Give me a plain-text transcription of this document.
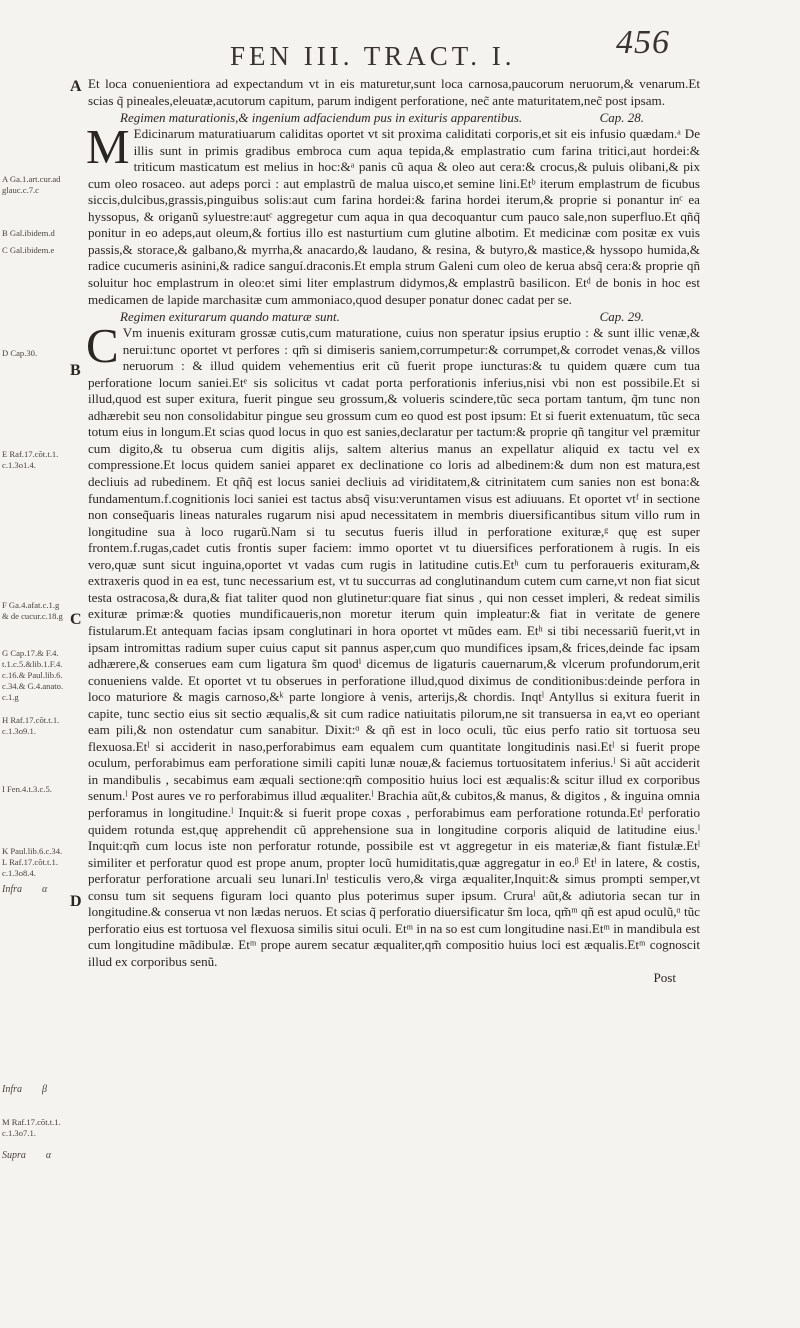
FEN III. TRACT. I.	456
A Ga.1.art.cur.ad
glauc.c.7.c
B Gal.ibidem.d
C Gal.ibidem.e
D Cap.30.
E Raf.17.cõt.t.1.
c.1.3o1.4.
F Ga.4.afat.c.1.g
& de cucur.c.18.g
G Cap.17.& F.4.
t.1.c.5.&lib.1.F.4.
c.16.& Paul.lib.6.
c.34.& G.4.anato.
c.1.g
H Raf.17.cõt.t.1.
c.1.3o9.1.
I Fen.4.t.3.c.5.
K Paul.lib.6.c.34.
L Raf.17.cõt.t.1.
c.1.3o8.4.
Infra α
Infra β
M Raf.17.cõt.t.1.
c.1.3o7.1.
Supra α
A
B
C
D

Et loca conuenientiora ad expectandum vt in eis maturetur,sunt loca carnosa,paucorum neruorum,& venarum.Et scias q̃ pineales,eleuatæ,acutorum capitum, parum indigent perforatione, nec̃ ante maturitatem,nec̃ post ipsam.

Regimen maturationis,& ingenium adfaciendum pus in exituris apparentibus.	Cap. 28.

M Edicinarum maturatiuarum caliditas oportet vt sit proxima caliditati corporis,et sit eis infusio quædam.ᵃ De illis sunt in primis gradibus embroca cum aqua tepida,& emplastratio cum farina tritici,aut hordei:& triticum masticatum est melius in hoc:&ᵃ panis cũ aqua & oleo aut cera:& crocus,& puluis olibani,& pix cum oleo rosaceo. aut adeps porci : aut emplastrũ de malua uisco,et semine lini.Etᵇ iterum emplastrum de ficubus siccis,dulcibus,grassis,pinguibus solis:aut cum farina hordei:& farina hordei iterum,& proprie si ponantur inᶜ ea hyssopus, & origanũ syluestre:autᶜ aggregetur cum aqua in qua decoquantur cum pauco sale,non superfluo.Et qñq̃ ponitur in eo adeps,aut oleum,& fortius illo est nasturtium cum glutine albotim. Et medicinæ com positæ ex vuis passis,& storace,& galbano,& myrrha,& anacardo,& laudano, & resina, & butyro,& mastice,& hyssopo humida,& radice cucumeris asinini,& radice sanguí.draconis.Et empla strum Galeni cum oleo de kerua absq̃ cera:& proprie qñ soluitur hoc emplastrum in oleo:et simi liter emplastrum didymos,& emplastrũ basilicon. Etᵈ de bonis in hoc est medicamen de lapide marchasitæ cum ammoniaco,quod desuper ponatur donec cadat per se.

Regimen exiturarum quando maturæ sunt.	Cap. 29.

C Vm inuenis exituram grossæ cutis,cum maturatione, cuius non speratur ipsius eruptio : & sunt illic venæ,& nerui:tunc oportet vt perfores : qm̃ si dimiseris saniem,corrumpetur:& corrumpet,& corrodet venas,& villos neruorum : & illud quidem vehementius erit cũ fuerit prope iuncturas:& tu quidem quære cum tua perforatione locum saniei.Etᵉ sis solicitus vt cadat porta perforationis inferius,nisi vbi non est possibile.Et si illud,quod est super exitura, fuerit pingue seu grossum,& volueris scindere,tũc seca portam tantum, q̃m tunc non adhærebit seu non consolidabitur pingue seu grossum cum eo quod est post ipsum: Et si fuerit extenuatum, tũc seca totum eius in longum.Et scias quod locus in quo est sanies,declaratur per tactum:& proprie qñ tangitur vel præmitur cum digito,& tu obserua cum digitis alijs, saltem alterius manus an expellatur aliquid ex tactu vel ex compressione.Et locus quidem saniei apparet ex declinatione co loris ad albedinem:& dum non est matura,est decliuis ad rubedinem. Et qñq̃ est locus saniei decliuis ad viriditatem,& citrinitatem cum sanies non est bona:& fundamentum.f.cognitionis loci saniei est tactus absq̃ visu:veruntamen visus est adiuuans. Et oportet vtᶠ in sectione non conseq̃uaris lineas naturales rugarum nisi apud necessitatem in membris diuersificantibus situm villo rum in longitudine sua à loco rugarũ.Nam si tu secutus fueris illud in perforatione exituræ,ᵍ quę est super frontem.f.rugas,cadet cutis frontis super faciem: immo oportet vt tu diuersifices perforationem à rugis. In eis vero,quæ sunt sicut inguina,oportet vt vadas cum rugis in latitudine cutis.Etʰ cum tu perforaueris exituram,& extraxeris quod in ea est, tunc necessarium est, vt tu succurras ad conglutinandum cutem cum carne,vt non fiat sicut testa ostracosa,& dura,& fiat taliter quod non glutinetur:quare fiat sinus , qui non cesset impleri, & redeat similis exituræ primæ:& quoties mundificaueris,non moretur iterum quin impleatur:& fiat in veritate de genere fistularum.Et antequam facias ipsam conglutinari in hora oportet vt mũdes eam. Etʰ si tibi necessariũ fuerit,vt in ipsam intromittas radium super cuius caput sit pannus asper,cum quo mundifices ipsam,& frices,deinde fac ipsam adhærere,& conserues eam cum ligatura s̃m quodⁱ dicemus de ligaturis cauernarum,& vlcerum profundorum,erit conueniens valde. Et oportet vt tu obserues in perforatione illud,quod diximus de conditionibus:deinde perfora in loco maturiore & magis carnoso,&ᵏ parte longiore à venis, arterijs,& chordis. Inqtˡ Antyllus si exitura fuerit in capite, tunc sectio eius sit sectio æqualis,& sit cum radice natiuitatis pilorum,ne sit transuersa in ea,vt eo operiant eam pili,& non ostendatur cum sanabitur. Dixit:ᵅ & qñ est in loco oculi, tũc eius perfo ratio sit tortuosa seu flexuosa.Etˡ si acciderit in naso,perforabimus eam equalem cum quantitate longitudinis nasi.Etˡ si fuerit prope oculum, perforabimus eam perforatione simili capiti lunæ nouæ,& faciemus tortuositatem inferius.ˡ Si aũt acciderit in mandibulis , secabimus eam æquali sectione:qm̃ compositio huius loci est æqualis:& scitur illud ex corporibus senum.ˡ Post aures ve ro perforabimus illud æqualiter.ˡ Brachia aũt,& cubitos,& manus, & digitos , & inguina omnia perforamus in longitudine.ˡ Inquit:& si fuerit prope coxas , perforabimus eam perforatione rotunda.Etˡ perforatio quidem rotunda est,quę apprehendit cũ apprehensione sua in longitudine corporis aliquid de latitudine eius.ˡ Inquit:qm̃ cum locus iste non perforatur rotunde, possibile est vt aggregetur in eis materiæ,& fiant fistulæ.Etˡ similiter et perforatur quod est prope anum, propter locũ humiditatis,quæ aggregatur in eo.ᵝ Etˡ in latere, & costis, perforatur perforatione arcuali seu lunari.Inˡ testiculis vero,& virga æqualiter,Inquit:& simus prompti semper,vt consu tum sit sequens figuram loci quanto plus poterimus super ipsum. Cruraˡ aũt,& adiutoria secan tur in longitudine.& conserua vt non lædas neruos. Et scias q̃ perforatio diuersificatur s̃m loca, qm̃ᵐ qñ est apud oculũ,ᵅ tũc perforatio eius est tortuosa vel flexuosa similis situi oculi. Etᵐ in na so est cum longitudine nasi.Etᵐ in mandibula est cum longitudine mãdibulæ. Etᵐ prope aurem secatur æqualiter,qm̃ compositio huius loci est æqualis.Etᵐ cognoscit illud ex corporibus senũ.

Post
